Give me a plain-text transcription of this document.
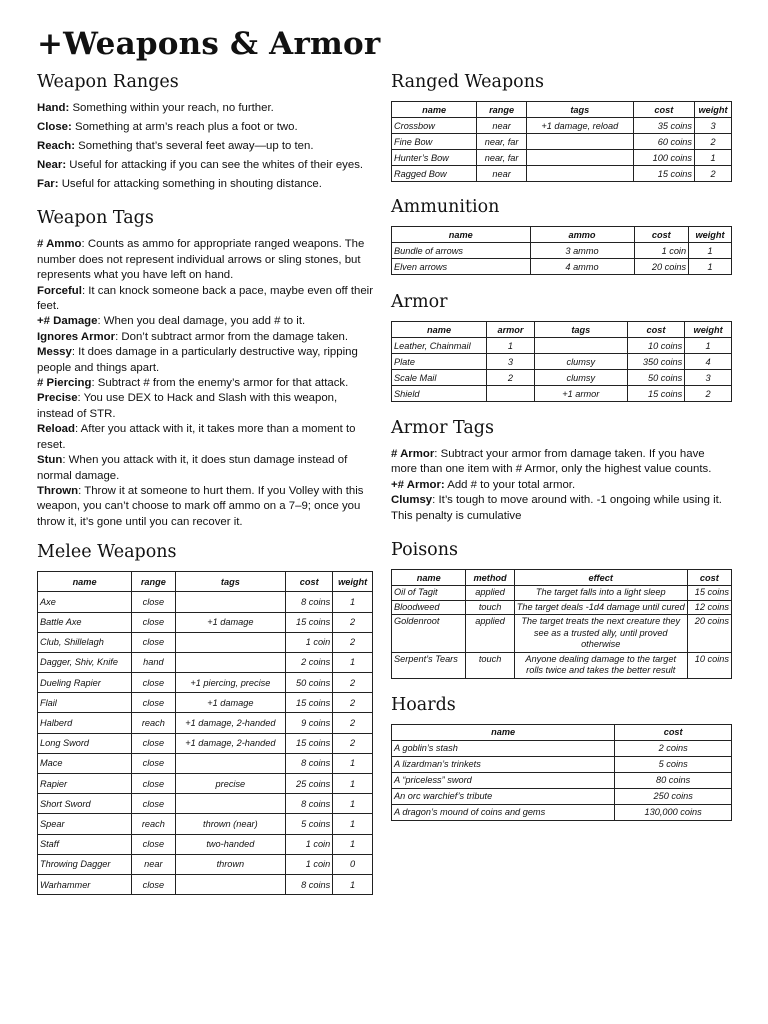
+Weapons & Armor
Weapon Ranges

Hand: Something within your reach, no further.

Close: Something at arm’s reach plus a foot or two.

Reach: Something that’s several feet away—up to ten.

Near: Useful for attacking if you can see the whites of their eyes.

Far: Useful for attacking something in shouting distance.

Weapon Tags

# Ammo: Counts as ammo for appropriate ranged weapons. The number does not represent individual arrows or sling stones, but represents what you have left on hand.

Forceful: It can knock someone back a pace, maybe even off their feet.

+# Damage: When you deal damage, you add # to it.

Ignores Armor: Don’t subtract armor from the damage taken.

Messy: It does damage in a particularly destructive way, ripping people and things apart.

# Piercing: Subtract # from the enemy’s armor for that attack.

Precise: You use DEX to Hack and Slash with this weapon, instead of STR.

Reload: After you attack with it, it takes more than a moment to reset.

Stun: When you attack with it, it does stun damage instead of normal damage.

Thrown: Throw it at someone to hurt them. If you Volley with this weapon, you can’t choose to mark off ammo on a 7–9; once you throw it, it’s gone until you can recover it.

Melee Weapons
name	range	tags	cost	weight
Axe	close		8 coins	1
Battle Axe	close	+1 damage	15 coins	2
Club, Shillelagh	close		1 coin	2
Dagger, Shiv, Knife	hand		2 coins	1
Dueling Rapier	close	+1 piercing, precise	50 coins	2
Flail	close	+1 damage	15 coins	2
Halberd	reach	+1 damage, 2-handed	9 coins	2
Long Sword	close	+1 damage, 2-handed	15 coins	2
Mace	close		8 coins	1
Rapier	close	precise	25 coins	1
Short Sword	close		8 coins	1
Spear	reach	thrown (near)	5 coins	1
Staff	close	two-handed	1 coin	1
Throwing Dagger	near	thrown	1 coin	0
Warhammer	close		8 coins	1
Ranged Weapons
name	range	tags	cost	weight
Crossbow	near	+1 damage, reload	35 coins	3
Fine Bow	near, far		60 coins	2
Hunter’s Bow	near, far		100 coins	1
Ragged Bow	near		15 coins	2
Ammunition
name	ammo	cost	weight
Bundle of arrows	3 ammo	1 coin	1
Elven arrows	4 ammo	20 coins	1
Armor
name	armor	tags	cost	weight
Leather, Chainmail	1		10 coins	1
Plate	3	clumsy	350 coins	4
Scale Mail	2	clumsy	50 coins	3
Shield		+1 armor	15 coins	2
Armor Tags

# Armor: Subtract your armor from damage taken. If you have more than one item with # Armor, only the highest value counts.

+# Armor: Add # to your total armor.

Clumsy: It’s tough to move around with. -1 ongoing while using it. This penalty is cumulative

Poisons
name	method	effect	cost
Oil of Tagit	applied	The target falls into a light sleep	15 coins
Bloodweed	touch	The target deals -1d4 damage until cured	12 coins
Goldenroot	applied	The target treats the next creature they see as a trusted ally, until proved otherwise	20 coins
Serpent’s Tears	touch	Anyone dealing damage to the target rolls twice and takes the better result	10 coins
Hoards
name	cost
A goblin’s stash	2 coins
A lizardman’s trinkets	5 coins
A “priceless” sword	80 coins
An orc warchief’s tribute	250 coins
A dragon’s mound of coins and gems	130,000 coins
